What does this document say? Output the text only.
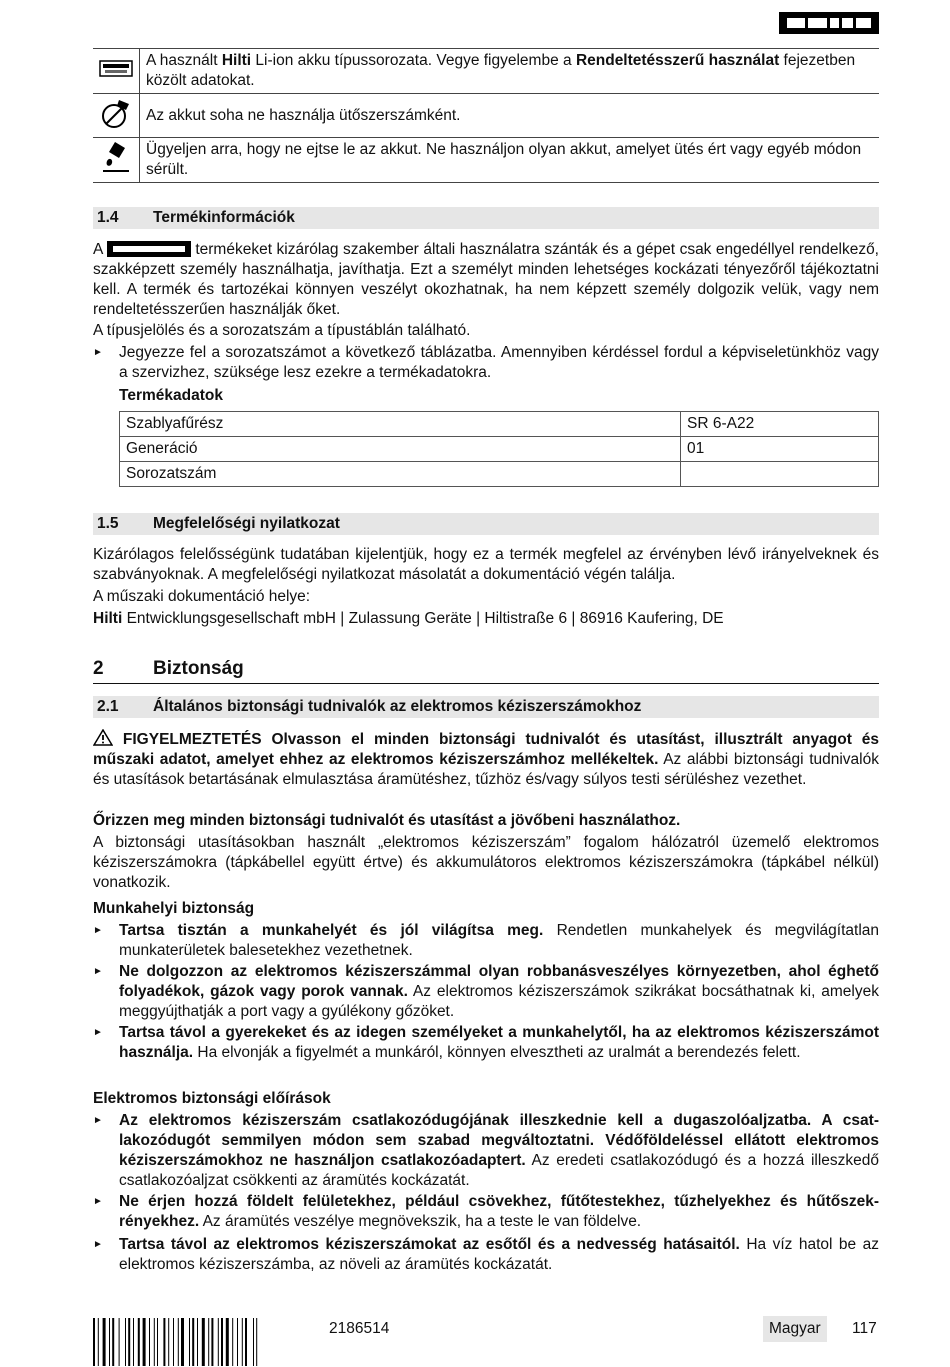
	A használt Hilti Li-ion akku típussorozata. Vegye figyelembe a Rendeltetésszerű használat fejezetben közölt adatokat.
	Az akkut soha ne használja ütőszerszámként.
	Ügyeljen arra, hogy ne ejtse le az akkut. Ne használjon olyan akkut, amelyet ütés ért vagy egyéb módon sérült.
1.4 Termékinformációk
A	termékeket kizárólag szakember általi használatra szánták és a gépet csak engedéllyel rendelkező, szakképzett személy használhatja, javíthatja. Ezt a személyt minden lehetséges kockázati tényezőről tájékoztatni kell. A termék és tartozékai könnyen veszélyt okozhatnak, ha nem képzett személy dolgozik velük, vagy nem rendeltetésszerűen használják őket.
A típusjelölés és a sorozatszám a típustáblán található.
► Jegyezze fel a sorozatszámot a következő táblázatba. Amennyiben kérdéssel fordul a képviseletünkhöz vagy a szervizhez, szüksége lesz ezekre a termékadatokra.
Termékadatok
Szablyafűrész	SR 6-A22
Generáció	01
Sorozatszám	
1.5 Megfelelőségi nyilatkozat
Kizárólagos felelősségünk tudatában kijelentjük, hogy ez a termék megfelel az érvényben lévő irányelveknek és szabványoknak. A megfelelőségi nyilatkozat másolatát a dokumentáció végén találja.
A műszaki dokumentáció helye:
Hilti Entwicklungsgesellschaft mbH | Zulassung Geräte | Hiltistraße 6 | 86916 Kaufering, DE
2	Biztonság
2.1 Általános biztonsági tudnivalók az elektromos kéziszerszámokhoz
FIGYELMEZTETÉS Olvasson el minden biztonsági tudnivalót és utasítást, illusztrált anyagot és műszaki adatot, amelyet ehhez az elektromos kéziszerszámhoz mellékeltek. Az alábbi biztonsági tudnivalók és utasítások betartásának elmulasztása áramütéshez, tűzhöz és/vagy súlyos testi sérüléshez vezethet.
Őrizzen meg minden biztonsági tudnivalót és utasítást a jövőbeni használathoz.
A biztonsági utasításokban használt „elektromos kéziszerszám” fogalom hálózatról üzemelő elektromos kéziszerszámokra (tápkábellel együtt értve) és akkumulátoros elektromos kéziszerszámokra (tápkábel nélkül) vonatkozik.
Munkahelyi biztonság
► Tartsa tisztán a munkahelyét és jól világítsa meg. Rendetlen munkahelyek és megvilágítatlan munkaterületek balesetekhez vezethetnek.
► Ne dolgozzon az elektromos kéziszerszámmal olyan robbanásveszélyes környezetben, ahol éghető folyadékok, gázok vagy porok vannak. Az elektromos kéziszerszámok szikrákat bocsáthatnak ki, amelyek meggyújthatják a port vagy a gyúlékony gőzöket.
► Tartsa távol a gyerekeket és az idegen személyeket a munkahelytől, ha az elektromos kéziszerszámot használja. Ha elvonják a figyelmét a munkáról, könnyen elvesztheti az uralmát a berendezés felett.
Elektromos biztonsági előírások
► Az elektromos kéziszerszám csatlakozódugójának illeszkednie kell a dugaszolóaljzatba. A csatlakozódugót semmilyen módon sem szabad megváltoztatni. Védőföldeléssel ellátott elektromos kéziszerszámokhoz ne használjon csatlakozóadaptert. Az eredeti csatlakozódugó és a hozzá illeszkedő csatlakozóaljzat csökkenti az áramütés kockázatát.
► Ne érjen hozzá földelt felületekhez, például csövekhez, fűtőtestekhez, tűzhelyekhez és hűtőszekrényekhez. Az áramütés veszélye megnövekszik, ha a teste le van földelve.
► Tartsa távol az elektromos kéziszerszámokat az esőtől és a nedvesség hatásaitól. Ha víz hatol be az elektromos kéziszerszámba, az növeli az áramütés kockázatát.
2186514	Magyar	117
